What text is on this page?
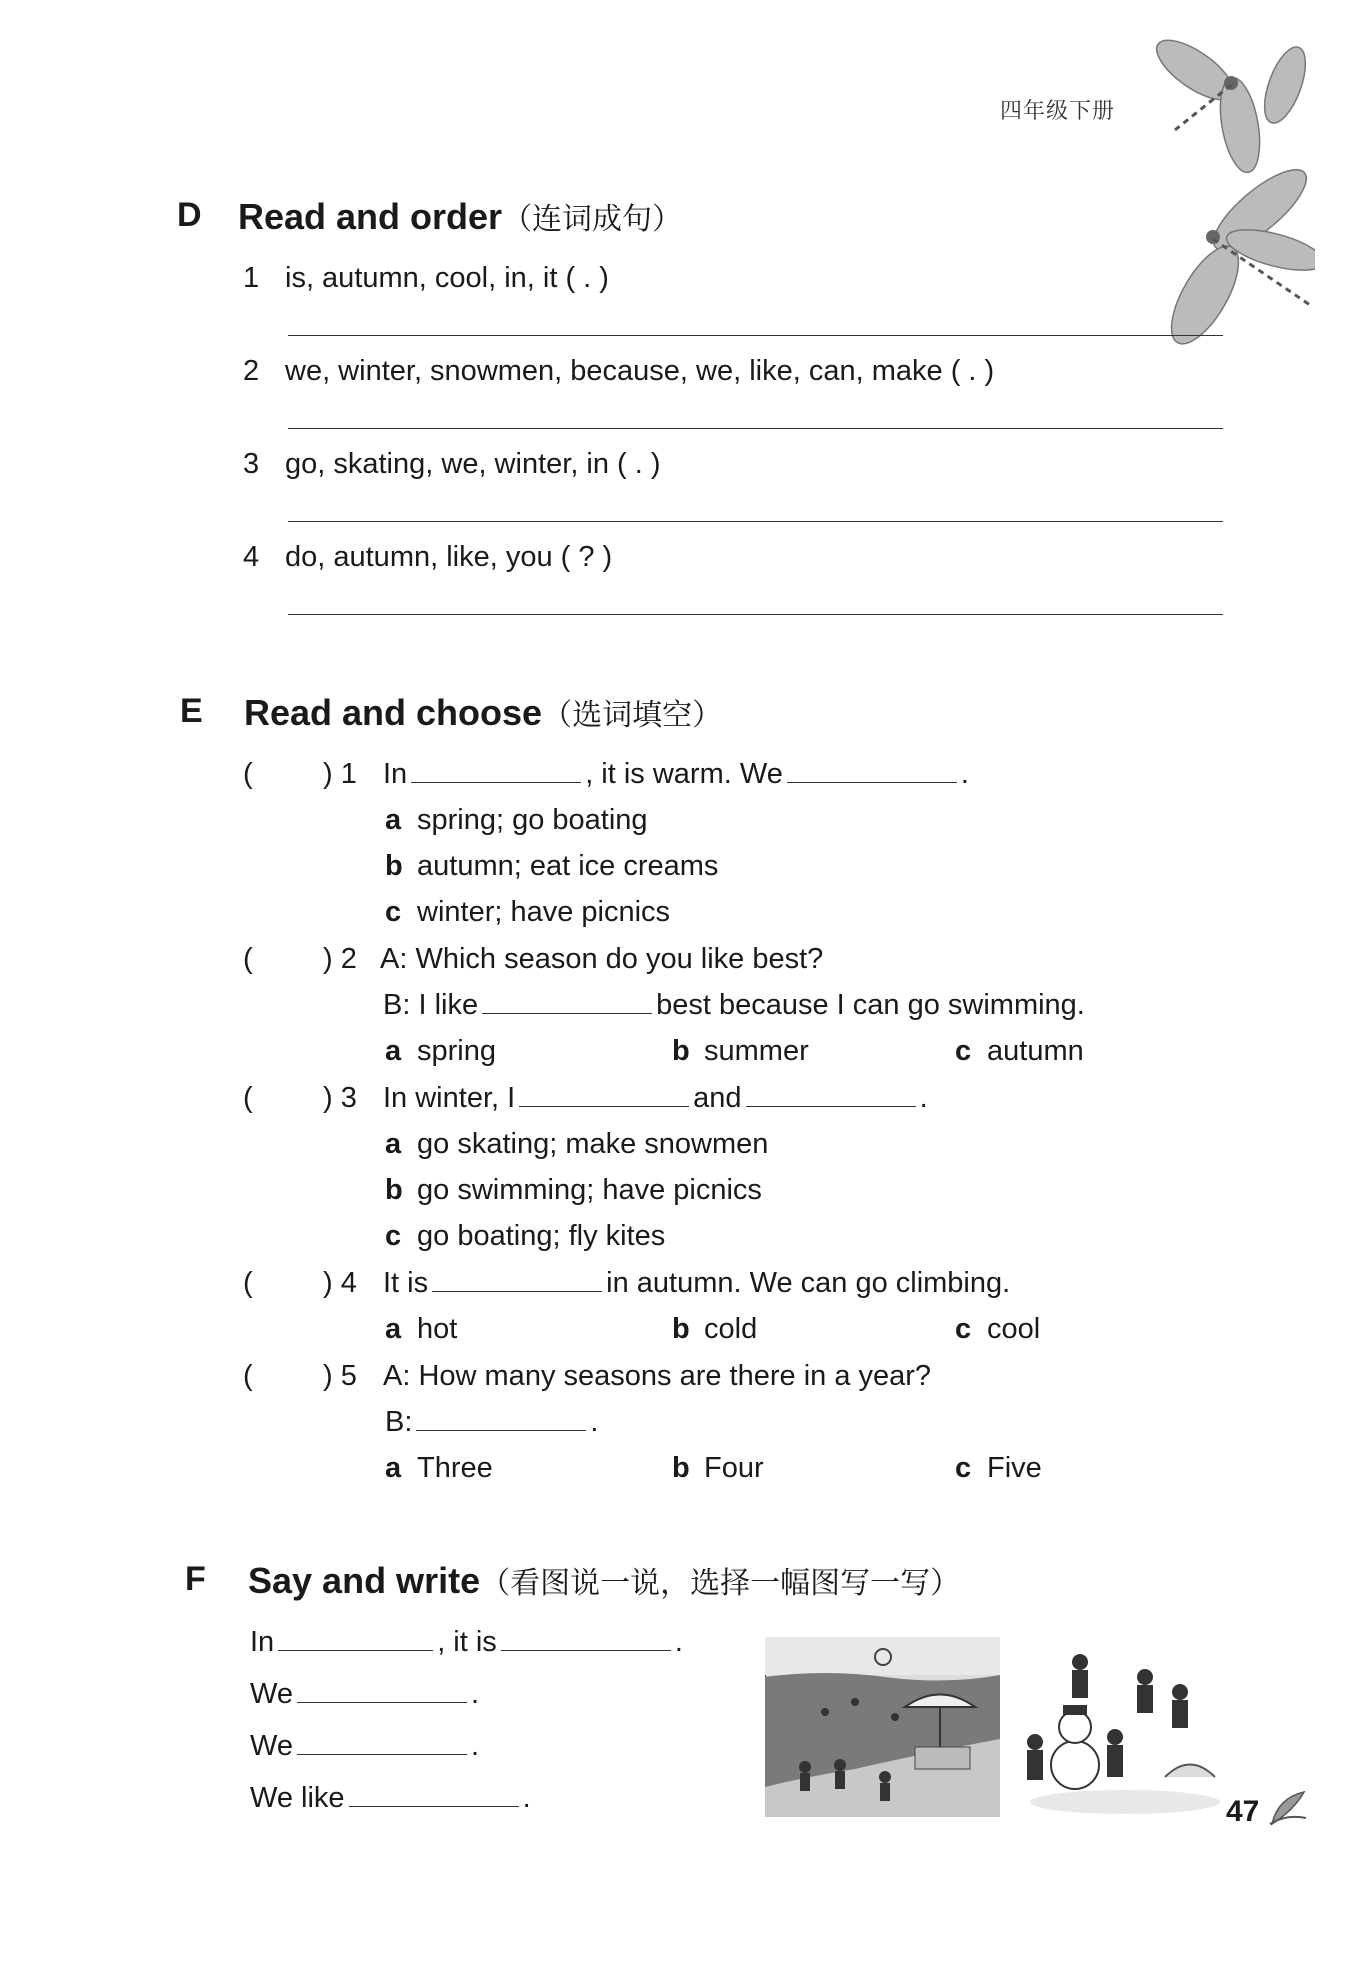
四年级下册
D Read and order（连词成句）
1 is, autumn, cool, in, it ( . )
2 we, winter, snowmen, because, we, like, can, make ( . )
3 go, skating, we, winter, in ( . )
4 do, autumn, like, you ( ? )
E Read and choose（选词填空）
( ) 1 In	, it is warm. We	.
a spring; go boating
b autumn; eat ice creams
c winter; have picnics
( ) 2 A: Which season do you like best?
B: I like	best because I can go swimming.
a spring	b summer	c autumn
( ) 3 In winter, I	and	.
a go skating; make snowmen
b go swimming; have picnics
c go boating; fly kites
( ) 4 It is	in autumn. We can go climbing.
a hot	b cold	c cool
( ) 5 A: How many seasons are there in a year?
B:	.
a Three	b Four	c Five
F Say and write（看图说一说，选择一幅图写一写）
In	, it is	.
We	.
We	.
We like	.	47
